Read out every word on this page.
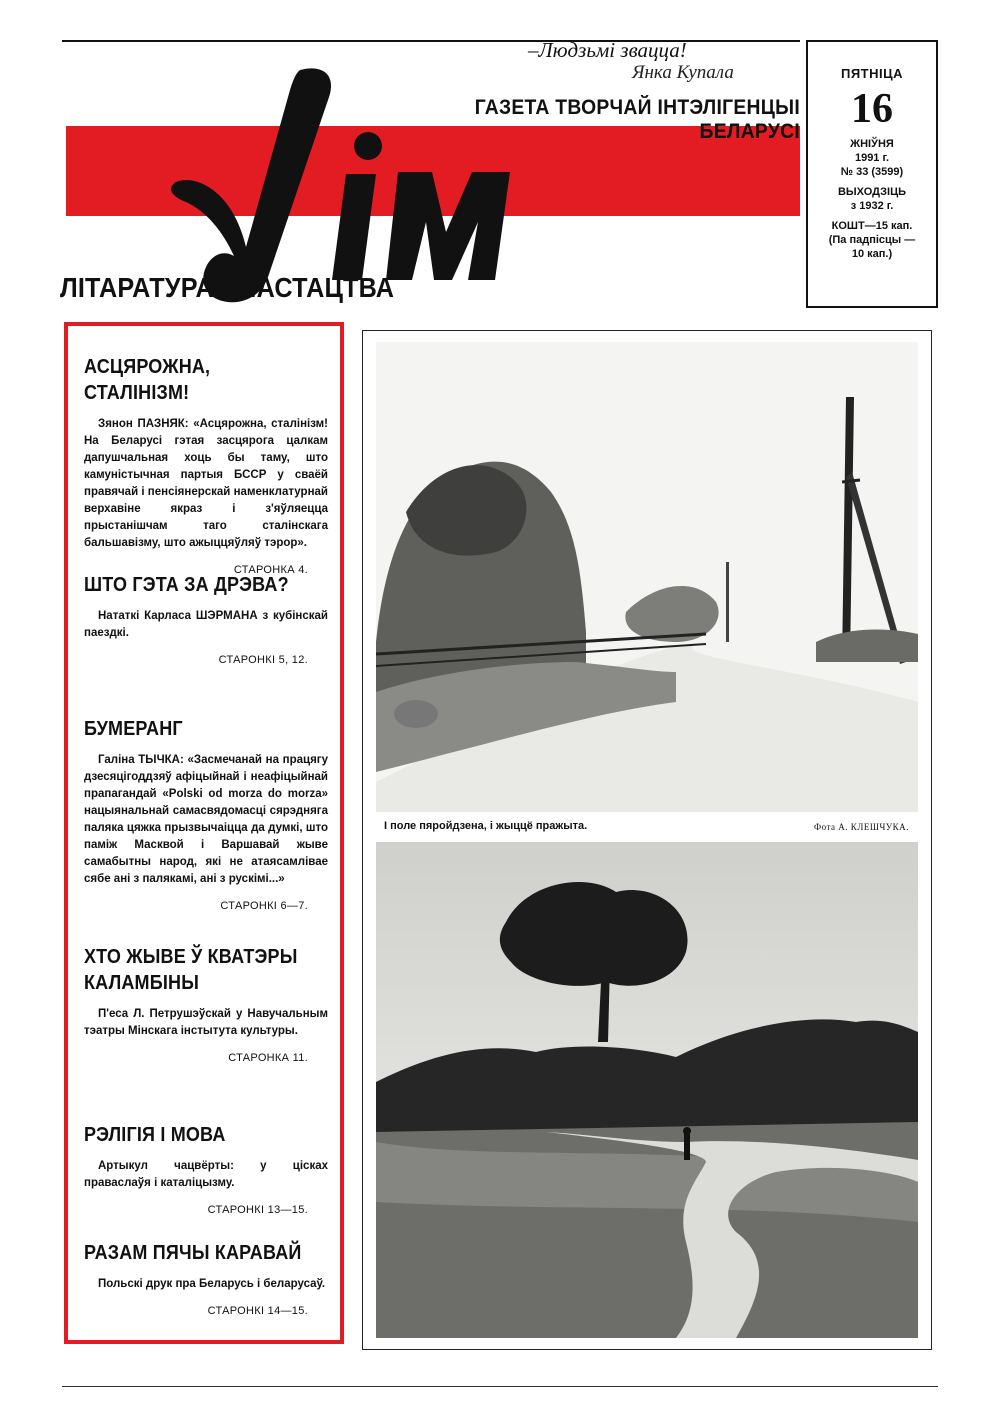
–Людзьмі звацца!
Янка Купала
ГАЗЕТА ТВОРЧАЙ ІНТЭЛІГЕНЦЫІ БЕЛАРУСІ
ЛіМ
ЛІТАРАТУРА І МАСТАЦТВА
ПЯТНІЦА
16
ЖНІЎНЯ
1991 г.
№ 33 (3599)
ВЫХОДЗІЦЬ
з 1932 г.
КОШТ—15 кап.
(Па падпісцы —
10 кап.)
АСЦЯРОЖНА, СТАЛІНІЗМ!

Зянон ПАЗНЯК: «Асцярожна, сталінізм! На Беларусі гэтая засцярога цалкам дапушчальная хоць бы таму, што камуністычная партыя БССР у сваёй правячай і пенсіянерскай наменклатурнай верхавіне якраз і з'яўляецца прыстанішчам таго сталінскага бальшавізму, што ажыццяўляў тэрор».

СТАРОНКА 4.
ШТО ГЭТА ЗА ДРЭВА?

Нататкі Карласа ШЭРМАНА з кубінскай паездкі.

СТАРОНКІ 5, 12.
БУМЕРАНГ

Галіна ТЫЧКА: «Засмечанай на працягу дзесяцігоддзяў афіцыйнай і неафіцыйнай прапагандай «Polski od morza do morza» нацыянальнай самасвядомасці сярэдняга паляка цяжка прызвычаіцца да думкі, што паміж Масквой і Варшавай жыве самабытны народ, які не атаясамлівае сябе ані з палякамі, ані з рускімі...»

СТАРОНКІ 6—7.
ХТО ЖЫВЕ Ў КВАТЭРЫ КАЛАМБІНЫ

П'еса Л. Петрушэўскай у Навучальным тэатры Мінскага інстытута культуры.

СТАРОНКА 11.
РЭЛІГІЯ І МОВА

Артыкул чацвёрты: у цісках праваслаўя і каталіцызму.

СТАРОНКІ 13—15.
РАЗАМ ПЯЧЫ КАРАВАЙ

Польскі друк пра Беларусь і беларусаў.

СТАРОНКІ 14—15.
І поле пяройдзена, і жыццё пражыта.	Фота А. КЛЕШЧУКА.
